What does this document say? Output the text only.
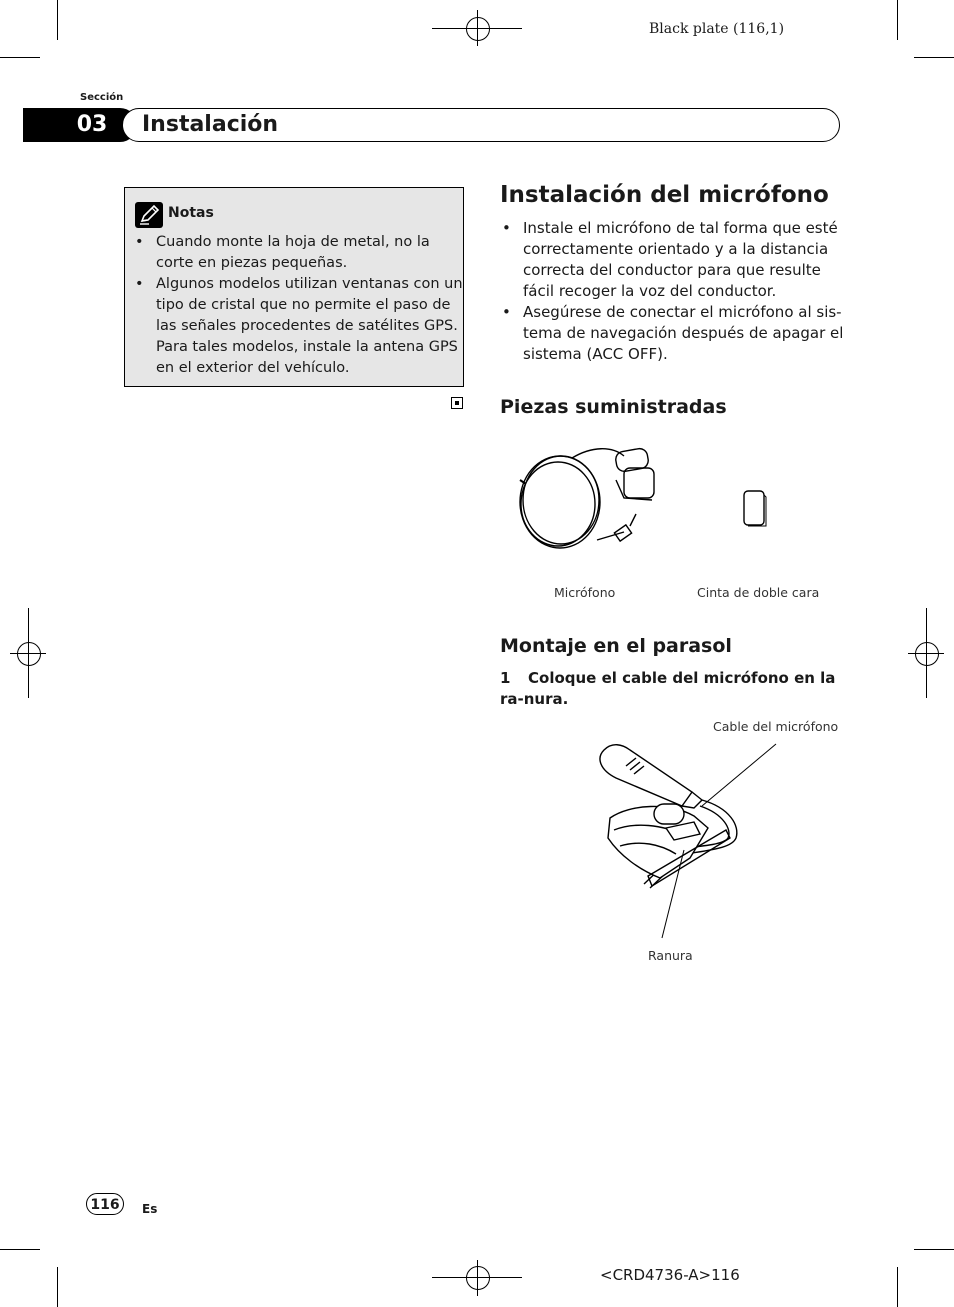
Black plate (116,1)
Sección
03	Instalación
Notas
• Cuando monte la hoja de metal, no la corte en piezas pequeñas.
• Algunos modelos utilizan ventanas con un tipo de cristal que no permite el paso de las señales procedentes de satélites GPS. Para tales modelos, instale la antena GPS en el exterior del vehículo.
Instalación del micrófono
• Instale el micrófono de tal forma que esté correctamente orientado y a la distancia correcta del conductor para que resulte fácil recoger la voz del conductor.
• Asegúrese de conectar el micrófono al sis-tema de navegación después de apagar el sistema (ACC OFF).
Piezas suministradas
Micrófono	Cinta de doble cara
Montaje en el parasol
1 Coloque el cable del micrófono en la ra-nura.
Cable del micrófono
Ranura
116	Es
<CRD4736-A>116
